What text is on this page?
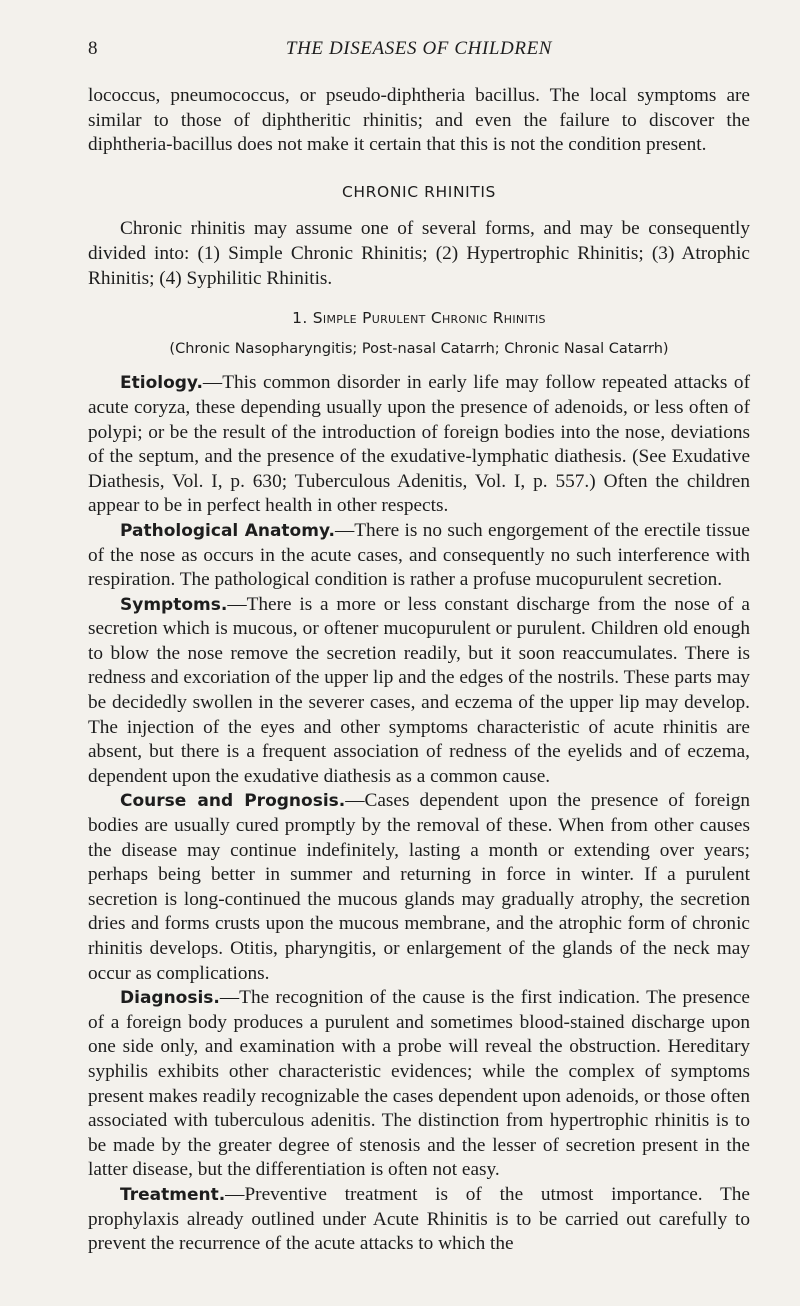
8	THE DISEASES OF CHILDREN

lococcus, pneumococcus, or pseudo-diphtheria bacillus. The local symptoms are similar to those of diphtheritic rhinitis; and even the failure to discover the diphtheria-bacillus does not make it certain that this is not the condition present.

CHRONIC RHINITIS

Chronic rhinitis may assume one of several forms, and may be consequently divided into: (1) Simple Chronic Rhinitis; (2) Hypertrophic Rhinitis; (3) Atrophic Rhinitis; (4) Syphilitic Rhinitis.

1. Simple Purulent Chronic Rhinitis
(Chronic Nasopharyngitis; Post-nasal Catarrh; Chronic Nasal Catarrh)

Etiology.—This common disorder in early life may follow repeated attacks of acute coryza, these depending usually upon the presence of adenoids, or less often of polypi; or be the result of the introduction of foreign bodies into the nose, deviations of the septum, and the presence of the exudative-lymphatic diathesis. (See Exudative Diathesis, Vol. I, p. 630; Tuberculous Adenitis, Vol. I, p. 557.) Often the children appear to be in perfect health in other respects.

Pathological Anatomy.—There is no such engorgement of the erectile tissue of the nose as occurs in the acute cases, and consequently no such interference with respiration. The pathological condition is rather a profuse mucopurulent secretion.

Symptoms.—There is a more or less constant discharge from the nose of a secretion which is mucous, or oftener mucopurulent or purulent. Children old enough to blow the nose remove the secretion readily, but it soon reaccumulates. There is redness and excoriation of the upper lip and the edges of the nostrils. These parts may be decidedly swollen in the severer cases, and eczema of the upper lip may develop. The injection of the eyes and other symptoms characteristic of acute rhinitis are absent, but there is a frequent association of redness of the eyelids and of eczema, dependent upon the exudative diathesis as a common cause.

Course and Prognosis.—Cases dependent upon the presence of foreign bodies are usually cured promptly by the removal of these. When from other causes the disease may continue indefinitely, lasting a month or extending over years; perhaps being better in summer and returning in force in winter. If a purulent secretion is long-continued the mucous glands may gradually atrophy, the secretion dries and forms crusts upon the mucous membrane, and the atrophic form of chronic rhinitis develops. Otitis, pharyngitis, or enlargement of the glands of the neck may occur as complications.

Diagnosis.—The recognition of the cause is the first indication. The presence of a foreign body produces a purulent and sometimes blood-stained discharge upon one side only, and examination with a probe will reveal the obstruction. Hereditary syphilis exhibits other characteristic evidences; while the complex of symptoms present makes readily recognizable the cases dependent upon adenoids, or those often associated with tuberculous adenitis. The distinction from hypertrophic rhinitis is to be made by the greater degree of stenosis and the lesser of secretion present in the latter disease, but the differentiation is often not easy.

Treatment.—Preventive treatment is of the utmost importance. The prophylaxis already outlined under Acute Rhinitis is to be carried out carefully to prevent the recurrence of the acute attacks to which the
